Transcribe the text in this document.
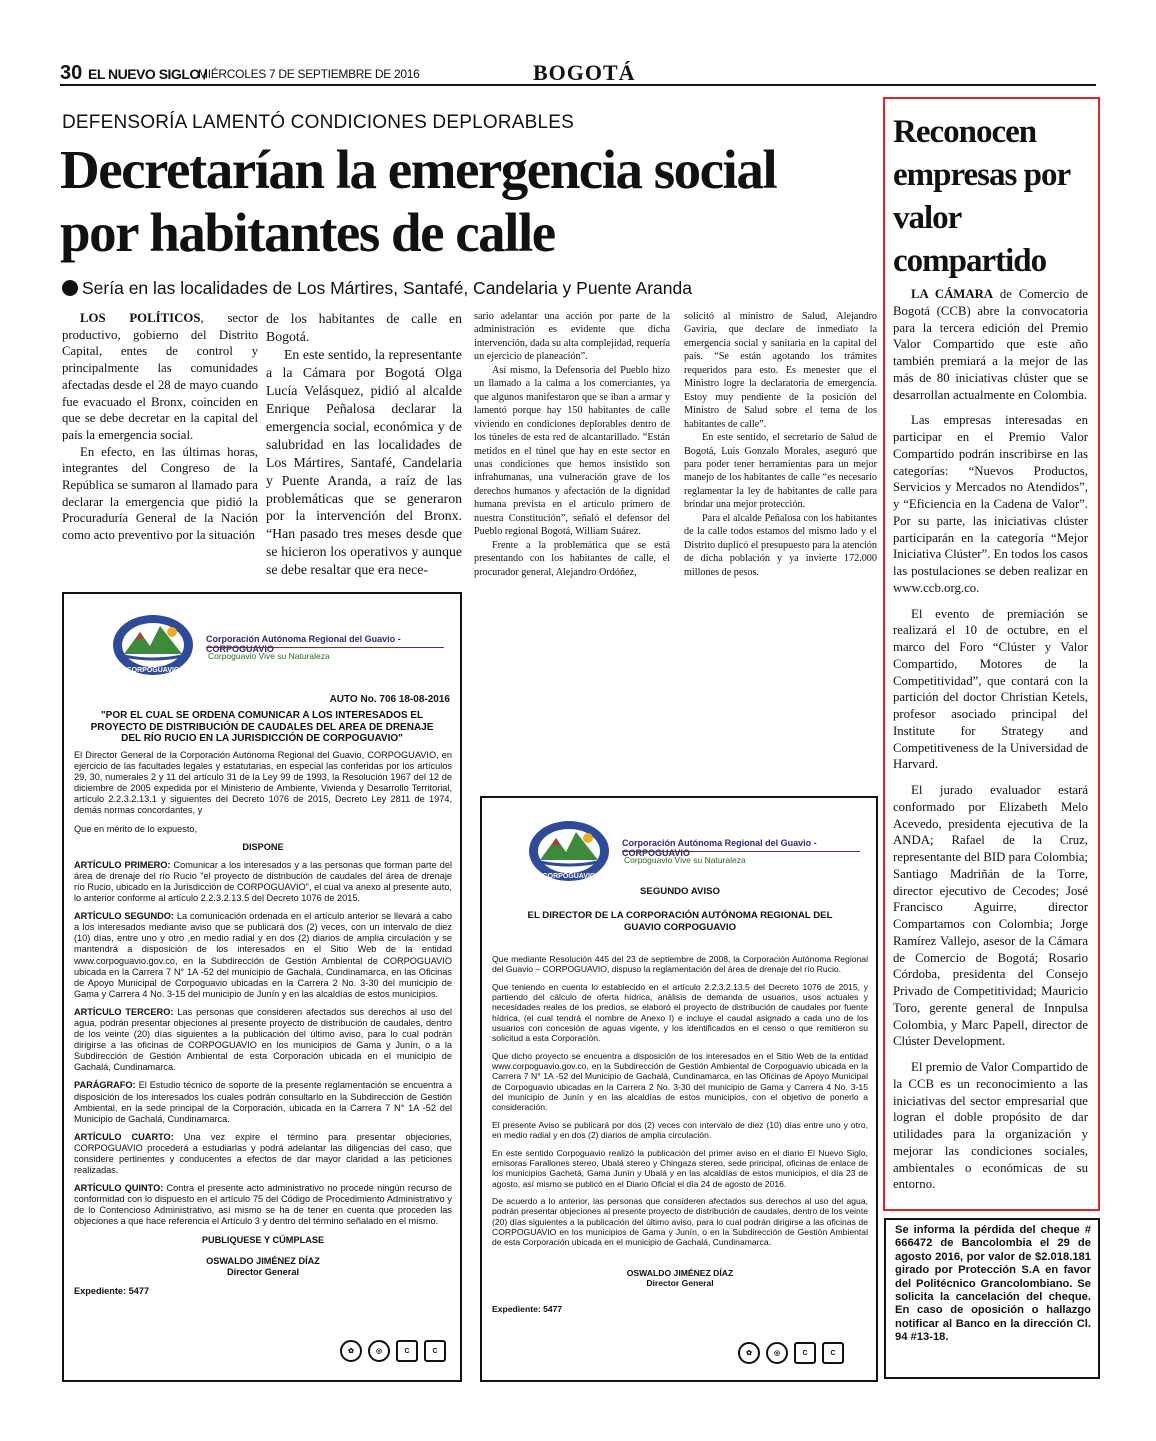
30 EL NUEVO SIGLO /
MIÉRCOLES 7 DE SEPTIEMBRE DE 2016	BOGOTÁ
DEFENSORÍA LAMENTÓ CONDICIONES DEPLORABLES
Decretarían la emergencia social por habitantes de calle
Sería en las localidades de Los Mártires, Santafé, Candelaria y Puente Aranda

LOS POLÍTICOS, sector productivo, gobierno del Distrito Capital, entes de control y principalmente las comunidades afectadas desde el 28 de mayo cuando fue evacuado el Bronx, coinciden en que se debe decretar en la capital del país la emergencia social.

En efecto, en las últimas horas, integrantes del Congreso de la República se sumaron al llamado para declarar la emergencia que pidió la Procuraduría General de la Nación como acto preventivo por la situación

de los habitantes de calle en Bogotá.

En este sentido, la representante a la Cámara por Bogotá Olga Lucía Velásquez, pidió al alcalde Enrique Peñalosa declarar la emergencia social, económica y de salubridad en las localidades de Los Mártires, Santafé, Candelaria y Puente Aranda, a raíz de las problemáticas que se generaron por la intervención del Bronx. “Han pasado tres meses desde que se hicieron los operativos y aunque se debe resaltar que era nece-

sario adelantar una acción por parte de la administración es evidente que dicha intervención, dada su alta complejidad, requería un ejercicio de planeación”.

Así mismo, la Defensoría del Pueblo hizo un llamado a la calma a los comerciantes, ya que algunos manifestaron que se iban a armar y lamentó porque hay 150 habitantes de calle viviendo en condiciones deplorables dentro de los túneles de esta red de alcantarillado. “Están metidos en el túnel que hay en este sector en unas condiciones que hemos insistido son infrahumanas, una vulneración grave de los derechos humanos y afectación de la dignidad humana prevista en el artículo primero de nuestra Constitución”, señaló el defensor del Pueblo regional Bogotá, William Suárez.

Frente a la problemática que se está presentando con los habitantes de calle, el procurador general, Alejandro Ordóñez,

solicitó al ministro de Salud, Alejandro Gaviria, que declare de inmediato la emergencia social y sanitaria en la capital del país. “Se están agotando los trámites requeridos para esto. Es menester que el Ministro logre la declaratoria de emergencia. Estoy muy pendiente de la posición del Ministro de Salud sobre el tema de los habitantes de calle”.

En este sentido, el secretario de Salud de Bogotá, Luis Gonzalo Morales, aseguró que para poder tener herramientas para un mejor manejo de los habitantes de calle “es necesario reglamentar la ley de habitantes de calle para brindar una mejor protección.

Para el alcalde Peñalosa con los habitantes de la calle todos estamos del mismo lado y el Distrito duplicó el presupuesto para la atención de dicha población y ya invierte 172.000 millones de pesos.

CORPOGUAVIO
Corporación Autónoma Regional del Guavio - CORPOGUAVIO
Corpoguavio Vive su Naturaleza
AUTO No. 706 18-08-2016
"POR EL CUAL SE ORDENA COMUNICAR A LOS INTERESADOS EL PROYECTO DE DISTRIBUCIÓN DE CAUDALES DEL AREA DE DRENAJE DEL RÍO RUCIO EN LA JURISDICCIÓN DE CORPOGUAVIO"

El Director General de la Corporación Autónoma Regional del Guavio, CORPOGUAVIO, en ejercicio de las facultades legales y estatutarias, en especial las conferidas por los artículos 29, 30, numerales 2 y 11 del artículo 31 de la Ley 99 de 1993, la Resolución 1967 del 12 de diciembre de 2005 expedida por el Ministerio de Ambiente, Vivienda y Desarrollo Territorial, artículo 2.2.3.2.13.1 y siguientes del Decreto 1076 de 2015, Decreto Ley 2811 de 1974, demás normas concordantes, y

Que en mérito de lo expuesto,

DISPONE

ARTÍCULO PRIMERO: Comunicar a los interesados y a las personas que forman parte del área de drenaje del río Rucio "el proyecto de distribución de caudales del área de drenaje río Rucio, ubicado en la Jurisdicción de CORPOGUAVIO", el cual va anexo al presente auto, lo anterior conforme al artículo 2.2.3.2.13.5 del Decreto 1076 de 2015.

ARTÍCULO SEGUNDO: La comunicación ordenada en el artículo anterior se llevará a cabo a los interesados mediante aviso que se publicará dos (2) veces, con un intervalo de diez (10) días, entre uno y otro ,en medio radial y en dos (2) diarios de amplia circulación y se mantendrá a disposición de los interesados en el Sitio Web de la entidad www.corpoguavio.gov.co, en la Subdirección de Gestión Ambiental de CORPOGUAVIO ubicada en la Carrera 7 N° 1A -52 del municipio de Gachalá, Cundinamarca, en las Oficinas de Apoyo Municipal de Corpoguavio ubicadas en la Carrera 2 No. 3-30 del municipio de Gama y Carrera 4 No. 3-15 del municipio de Junín y en las alcaldías de estos municipios.

ARTÍCULO TERCERO: Las personas que consideren afectados sus derechos al uso del agua, podrán presentar objeciones al presente proyecto de distribución de caudales, dentro de los veinte (20) días siguientes a la publicación del último aviso, para lo cual podrán dirigirse a las oficinas de CORPOGUAVIO en los municipios de Gama y Junín, o a la Subdirección de Gestión Ambiental de esta Corporación ubicada en el municipio de Gachalá, Cundinamarca.

PARÁGRAFO: El Estudio técnico de soporte de la presente reglamentación se encuentra a disposición de los interesados los cuales podrán consultarlo en la Subdirección de Gestión Ambiental, en la sede principal de la Corporación, ubicada en la Carrera 7 N° 1A -52 del Municipio de Gachalá, Cundinamarca.

ARTÍCULO CUARTO: Una vez expire el término para presentar objeciones, CORPOGUAVIO procederá a estudiarlas y podrá adelantar las diligencias del caso, que considere pertinentes y conducentes a efectos de dar mayor claridad a las peticiones realizadas.

ARTÍCULO QUINTO: Contra el presente acto administrativo no procede ningún recurso de conformidad con lo dispuesto en el artículo 75 del Código de Procedimiento Administrativo y de lo Contencioso Administrativo, así mismo se ha de tener en cuenta que proceden las objeciones a que hace referencia el Artículo 3 y dentro del término señalado en el mismo.

PUBLIQUESE Y CÚMPLASE

OSWALDO JIMÉNEZ DÍAZ

Director General

Expediente: 5477

✿	◎	C	C
CORPOGUAVIO
Corporación Autónoma Regional del Guavio - CORPOGUAVIO
Corpoguavio Vive su Naturaleza
SEGUNDO AVISO
EL DIRECTOR DE LA CORPORACIÓN AUTÓNOMA REGIONAL DEL GUAVIO CORPOGUAVIO

Que mediante Resolución 445 del 23 de septiembre de 2008, la Corporación Autónoma Regional del Guavio – CORPOGUAVIO, dispuso la reglamentación del área de drenaje del río Rucio.

Que teniendo en cuenta lo establecido en el artículo 2.2.3.2.13.5 del Decreto 1076 de 2015, y partiendo del cálculo de oferta hídrica, análisis de demanda de usuarios, usos actuales y necesidades reales de los predios, se elaboró el proyecto de distribución de caudales por fuente hídrica, (el cual tendrá el nombre de Anexo I) e incluye el caudal asignado a cada uno de los usuarios con concesión de aguas vigente, y los identificados en el censo o que remitieron su solicitud a esta Corporación.

Que dicho proyecto se encuentra a disposición de los interesados en el Sitio Web de la entidad www.corpoguavio.gov.co, en la Subdirección de Gestión Ambiental de Corpoguavio ubicada en la Carrera 7 N° 1A -52 del Municipio de Gachalá, Cundinamarca, en las Oficinas de Apoyo Municipal de Corpoguavio ubicadas en la Carrera 2 No. 3-30 del municipio de Gama y Carrera 4 No. 3-15 del municipio de Junín y en las alcaldías de estos municipios, con el objetivo de ponerlo a consideración.

El presente Aviso se publicará por dos (2) veces con intervalo de diez (10) días entre uno y otro, en medio radial y en dos (2) diarios de amplia circulación.

En este sentido Corpoguavio realizó la publicación del primer aviso en el diario El Nuevo Siglo, emisoras Farallones stereo, Ubalá stereo y Chingaza stereo, sede principal, oficinas de enlace de los municipios Gachetá, Gama Junín y Ubalá y en las alcaldías de estos municipios, el día 23 de agosto, así mismo se publicó en el Diario Oficial el día 24 de agosto de 2016.

De acuerdo a lo anterior, las personas que consideren afectados sus derechos al uso del agua, podrán presentar objeciones al presente proyecto de distribución de caudales, dentro de los veinte (20) días siguientes a la publicación del último aviso, para lo cual podrán dirigirse a las oficinas de CORPOGUAVIO en los municipios de Gama y Junín, o en la Subdirección de Gestión Ambiental de esta Corporación ubicada en el municipio de Gachalá, Cundinamarca.

OSWALDO JIMÉNEZ DÍAZ

Director General

Expediente: 5477

✿	◎	C	C
Reconocen empresas por valor compartido

LA CÁMARA de Comercio de Bogotá (CCB) abre la convocatoria para la tercera edición del Premio Valor Compartido que este año también premiará a la mejor de las más de 80 iniciativas clúster que se desarrollan actualmente en Colombia.

Las empresas interesadas en participar en el Premio Valor Compartido podrán inscribirse en las categorías: “Nuevos Productos, Servicios y Mercados no Atendidos”, y “Eficiencia en la Cadena de Valor”. Por su parte, las iniciativas clúster participarán en la categoría “Mejor Iniciativa Clúster”. En todos los casos las postulaciones se deben realizar en www.ccb.org.co.

El evento de premiación se realizará el 10 de octubre, en el marco del Foro “Clúster y Valor Compartido, Motores de la Competitividad”, que contará con la partición del doctor Christian Ketels, profesor asociado principal del Institute for Strategy and Competitiveness de la Universidad de Harvard.

El jurado evaluador estará conformado por Elizabeth Melo Acevedo, presidenta ejecutiva de la ANDA; Rafael de la Cruz, representante del BID para Colombia; Santiago Madriñán de la Torre, director ejecutivo de Cecodes; José Francisco Aguirre, director Compartamos con Colombia; Jorge Ramírez Vallejo, asesor de la Cámara de Comercio de Bogotá; Rosario Córdoba, presidenta del Consejo Privado de Competitividad; Mauricio Toro, gerente general de Innpulsa Colombia, y Marc Papell, director de Clúster Development.

El premio de Valor Compartido de la CCB es un reconocimiento a las iniciativas del sector empresarial que logran el doble propósito de dar utilidades para la organización y mejorar las condiciones sociales, ambientales o económicas de su entorno.

Se informa la pérdida del cheque # 666472 de Bancolombia el 29 de agosto 2016, por valor de $2.018.181 girado por Protección S.A en favor del Politécnico Grancolombiano. Se solicita la cancelación del cheque. En caso de oposición o hallazgo notificar al Banco en la dirección Cl. 94 #13-18.
